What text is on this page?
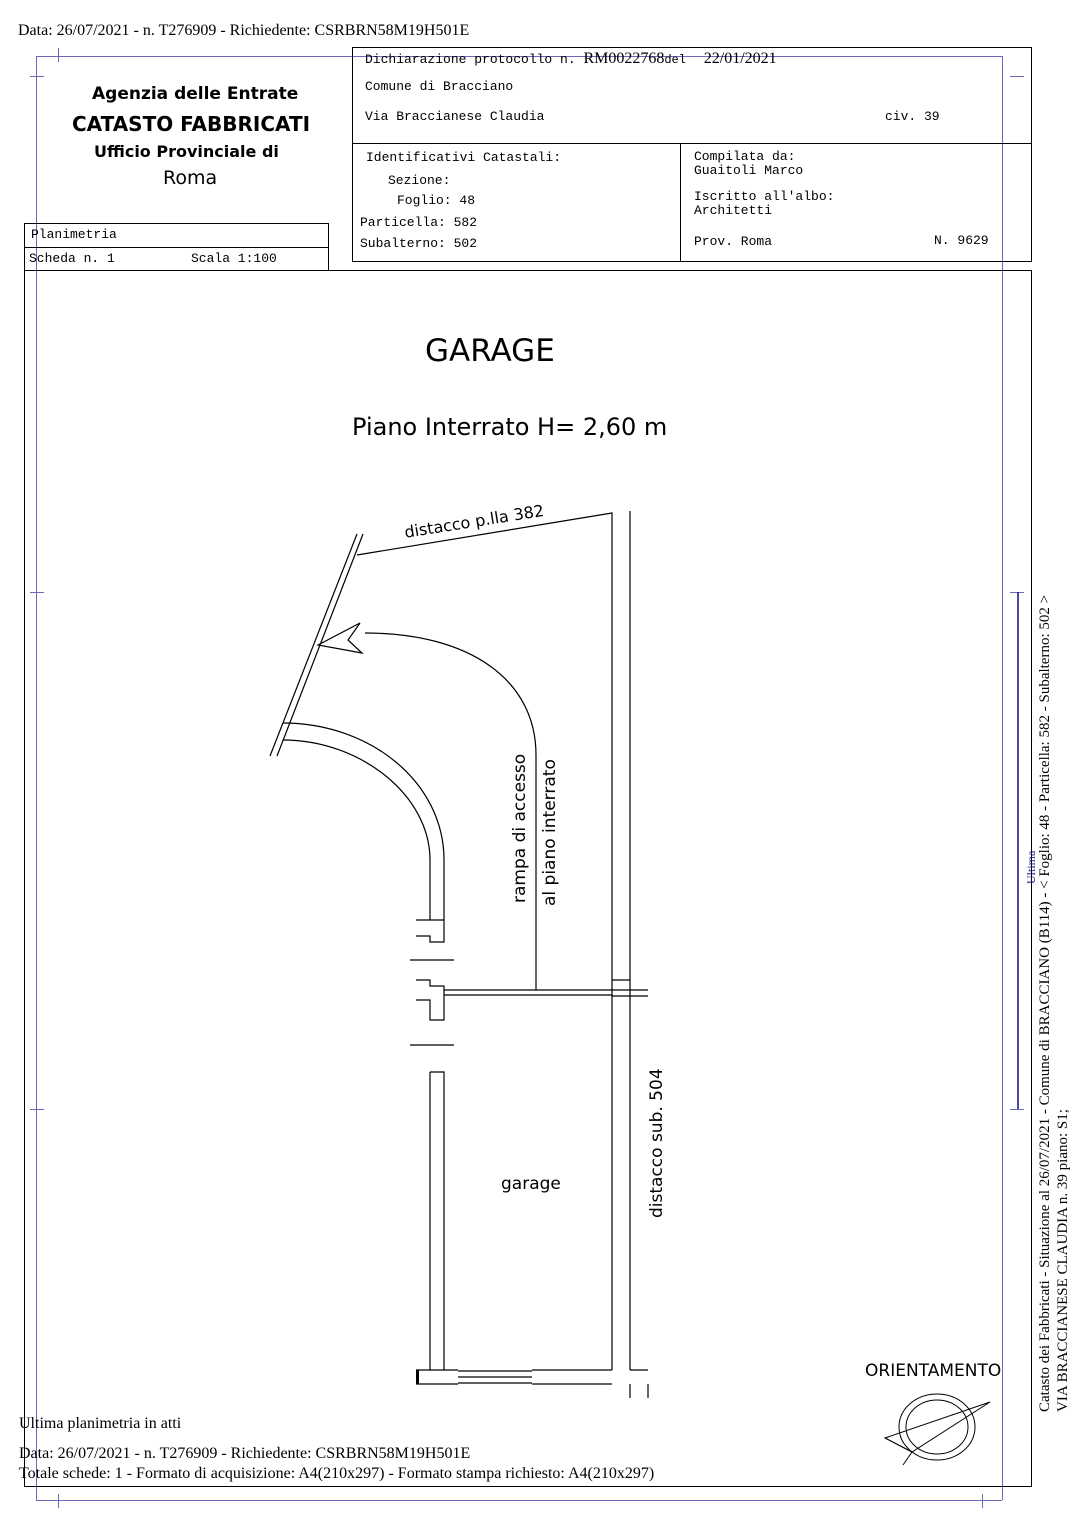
Data: 26/07/2021 - n. T276909 - Richiedente: CSRBRN58M19H501E
Agenzia delle Entrate
CATASTO FABBRICATI
Ufficio Provinciale di
Roma
Dichiarazione protocollo n. RM0022768del 22/01/2021
Comune di Bracciano
Via Braccianese Claudia	civ. 39
Identificativi Catastali:
Sezione:
Foglio: 48
Particella: 582
Subalterno: 502
Compilata da:
Guaitoli Marco
Iscritto all'albo:
Architetti
Prov. Roma	N. 9629
Planimetria
Scheda n. 1	Scala 1:100
GARAGE
Piano Interrato H= 2,60 m
distacco p.lla 382
rampa di accesso al piano interrato
garage	distacco sub. 504
ORIENTAMENTO Catasto dei Fabbricati - Situazione al 26/07/2021 - Comune di BRACCIANO (B114) - < Foglio: 48 - Particella: 582 - Subalterno: 502 > VIA BRACCIANESE CLAUDIA n. 39 piano: S1;
Ultima
Ultima planimetria in atti
Data: 26/07/2021 - n. T276909 - Richiedente: CSRBRN58M19H501E
Totale schede: 1 - Formato di acquisizione: A4(210x297) - Formato stampa richiesto: A4(210x297)
